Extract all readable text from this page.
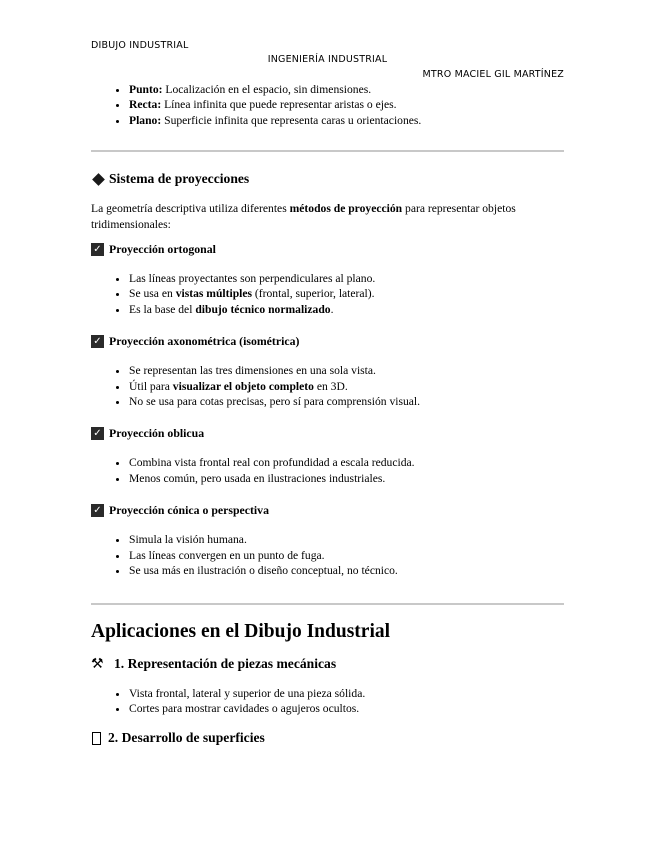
DIBUJO INDUSTRIAL
INGENIERÍA INDUSTRIAL
MTRO MACIEL GIL MARTÍNEZ
• Punto: Localización en el espacio, sin dimensiones.
• Recta: Línea infinita que puede representar aristas o ejes.
• Plano: Superficie infinita que representa caras u orientaciones.
Sistema de proyecciones

La geometría descriptiva utiliza diferentes métodos de proyección para representar objetos tridimensionales:

✓ Proyección ortogonal
• Las líneas proyectantes son perpendiculares al plano.
• Se usa en vistas múltiples (frontal, superior, lateral).
• Es la base del dibujo técnico normalizado.
✓ Proyección axonométrica (isométrica)
• Se representan las tres dimensiones en una sola vista.
• Útil para visualizar el objeto completo en 3D.
• No se usa para cotas precisas, pero sí para comprensión visual.
✓ Proyección oblicua
• Combina vista frontal real con profundidad a escala reducida.
• Menos común, pero usada en ilustraciones industriales.
✓ Proyección cónica o perspectiva
• Simula la visión humana.
• Las líneas convergen en un punto de fuga.
• Se usa más en ilustración o diseño conceptual, no técnico.
Aplicaciones en el Dibujo Industrial
⚒ 1. Representación de piezas mecánicas
• Vista frontal, lateral y superior de una pieza sólida.
• Cortes para mostrar cavidades o agujeros ocultos.
2. Desarrollo de superficies
